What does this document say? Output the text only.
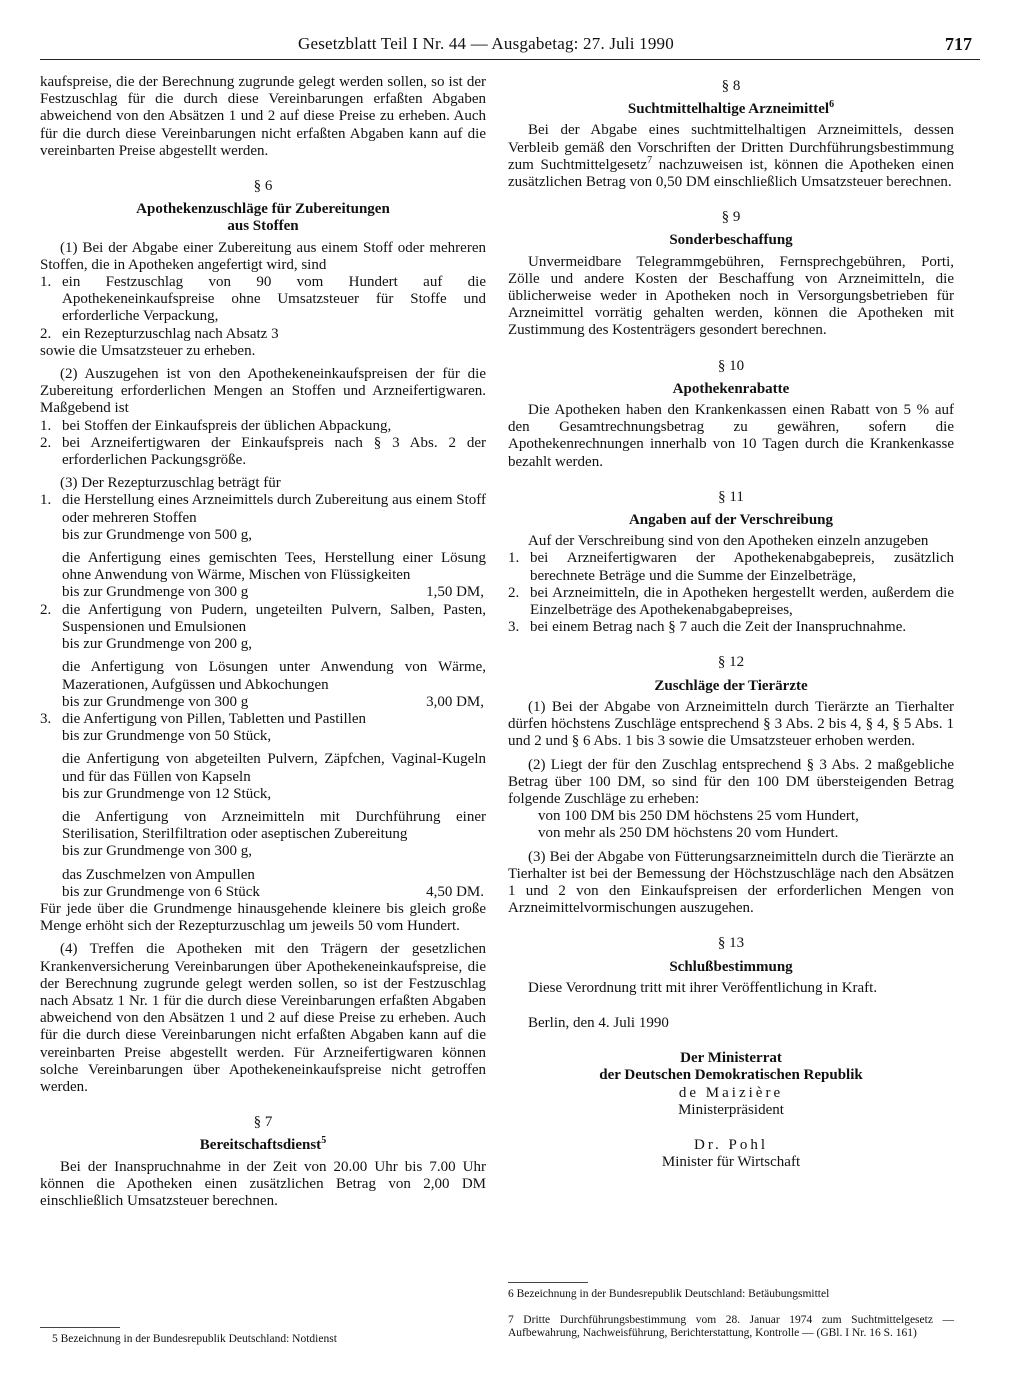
Gesetzblatt Teil I Nr. 44 — Ausgabetag: 27. Juli 1990	717

kaufspreise, die der Berechnung zugrunde gelegt werden sollen, so ist der Festzuschlag für die durch diese Vereinbarungen erfaßten Abgaben abweichend von den Absätzen 1 und 2 auf diese Preise zu erheben. Auch für die durch diese Vereinbarungen nicht erfaßten Abgaben kann auf die vereinbarten Preise abgestellt werden.

§ 6

Apothekenzuschläge für Zubereitungen
aus Stoffen

(1) Bei der Abgabe einer Zubereitung aus einem Stoff oder mehreren Stoffen, die in Apotheken angefertigt wird, sind

1. ein Festzuschlag von 90 vom Hundert auf die Apothekeneinkaufspreise ohne Umsatzsteuer für Stoffe und erforderliche Verpackung,
2. ein Rezepturzuschlag nach Absatz 3

sowie die Umsatzsteuer zu erheben.

(2) Auszugehen ist von den Apothekeneinkaufspreisen der für die Zubereitung erforderlichen Mengen an Stoffen und Arzneifertigwaren. Maßgebend ist

1. bei Stoffen der Einkaufspreis der üblichen Abpackung,
2. bei Arzneifertigwaren der Einkaufspreis nach § 3 Abs. 2 der erforderlichen Packungsgröße.

(3) Der Rezepturzuschlag beträgt für

1. die Herstellung eines Arzneimittels durch Zubereitung aus einem Stoff oder mehreren Stoffen

bis zur Grundmenge von 500 g,

die Anfertigung eines gemischten Tees, Herstellung einer Lösung ohne Anwendung von Wärme, Mischen von Flüssigkeiten

bis zur Grundmenge von 300 g	1,50 DM,
2. die Anfertigung von Pudern, ungeteilten Pulvern, Salben, Pasten, Suspensionen und Emulsionen

bis zur Grundmenge von 200 g,

die Anfertigung von Lösungen unter Anwendung von Wärme, Mazerationen, Aufgüssen und Abkochungen

bis zur Grundmenge von 300 g	3,00 DM,
3. die Anfertigung von Pillen, Tabletten und Pastillen

bis zur Grundmenge von 50 Stück,

die Anfertigung von abgeteilten Pulvern, Zäpfchen, Vaginal-Kugeln und für das Füllen von Kapseln

bis zur Grundmenge von 12 Stück,

die Anfertigung von Arzneimitteln mit Durchführung einer Sterilisation, Sterilfiltration oder aseptischen Zubereitung

bis zur Grundmenge von 300 g,

das Zuschmelzen von Ampullen

bis zur Grundmenge von 6 Stück	4,50 DM.

Für jede über die Grundmenge hinausgehende kleinere bis gleich große Menge erhöht sich der Rezepturzuschlag um jeweils 50 vom Hundert.

(4) Treffen die Apotheken mit den Trägern der gesetzlichen Krankenversicherung Vereinbarungen über Apothekeneinkaufspreise, die der Berechnung zugrunde gelegt werden sollen, so ist der Festzuschlag nach Absatz 1 Nr. 1 für die durch diese Vereinbarungen erfaßten Abgaben abweichend von den Absätzen 1 und 2 auf diese Preise zu erheben. Auch für die durch diese Vereinbarungen nicht erfaßten Abgaben kann auf die vereinbarten Preise abgestellt werden. Für Arzneifertigwaren können solche Vereinbarungen über Apothekeneinkaufspreise nicht getroffen werden.

§ 7

Bereitschaftsdienst$^5$

Bei der Inanspruchnahme in der Zeit von 20.00 Uhr bis 7.00 Uhr können die Apotheken einen zusätzlichen Betrag von 2,00 DM einschließlich Umsatzsteuer berechnen.

5 Bezeichnung in der Bundesrepublik Deutschland: Notdienst

§ 8

Suchtmittelhaltige Arzneimittel$^6$

Bei der Abgabe eines suchtmittelhaltigen Arzneimittels, dessen Verbleib gemäß den Vorschriften der Dritten Durchführungsbestimmung zum Suchtmittelgesetz$^7$ nachzuweisen ist, können die Apotheken einen zusätzlichen Betrag von 0,50 DM einschließlich Umsatzsteuer berechnen.

§ 9

Sonderbeschaffung

Unvermeidbare Telegrammgebühren, Fernsprechgebühren, Porti, Zölle und andere Kosten der Beschaffung von Arzneimitteln, die üblicherweise weder in Apotheken noch in Versorgungsbetrieben für Arzneimittel vorrätig gehalten werden, können die Apotheken mit Zustimmung des Kostenträgers gesondert berechnen.

§ 10

Apothekenrabatte

Die Apotheken haben den Krankenkassen einen Rabatt von 5 % auf den Gesamtrechnungsbetrag zu gewähren, sofern die Apothekenrechnungen innerhalb von 10 Tagen durch die Krankenkasse bezahlt werden.

§ 11

Angaben auf der Verschreibung

Auf der Verschreibung sind von den Apotheken einzeln anzugeben

1. bei Arzneifertigwaren der Apothekenabgabepreis, zusätzlich berechnete Beträge und die Summe der Einzelbeträge,
2. bei Arzneimitteln, die in Apotheken hergestellt werden, außerdem die Einzelbeträge des Apothekenabgabepreises,
3. bei einem Betrag nach § 7 auch die Zeit der Inanspruchnahme.

§ 12

Zuschläge der Tierärzte

(1) Bei der Abgabe von Arzneimitteln durch Tierärzte an Tierhalter dürfen höchstens Zuschläge entsprechend § 3 Abs. 2 bis 4, § 4, § 5 Abs. 1 und 2 und § 6 Abs. 1 bis 3 sowie die Umsatzsteuer erhoben werden.

(2) Liegt der für den Zuschlag entsprechend § 3 Abs. 2 maßgebliche Betrag über 100 DM, so sind für den 100 DM übersteigenden Betrag folgende Zuschläge zu erheben:

von 100 DM bis 250 DM höchstens 25 vom Hundert,

von mehr als 250 DM höchstens 20 vom Hundert.

(3) Bei der Abgabe von Fütterungsarzneimitteln durch die Tierärzte an Tierhalter ist bei der Bemessung der Höchstzuschläge nach den Absätzen 1 und 2 von den Einkaufspreisen der erforderlichen Mengen von Arzneimittelvormischungen auszugehen.

§ 13

Schlußbestimmung

Diese Verordnung tritt mit ihrer Veröffentlichung in Kraft.

Berlin, den 4. Juli 1990

Der Ministerrat

der Deutschen Demokratischen Republik

de Maizière

Ministerpräsident

Dr. Pohl

Minister für Wirtschaft

6 Bezeichnung in der Bundesrepublik Deutschland: Betäubungsmittel

7 Dritte Durchführungsbestimmung vom 28. Januar 1974 zum Suchtmittelgesetz — Aufbewahrung, Nachweisführung, Berichterstattung, Kontrolle — (GBl. I Nr. 16 S. 161)
